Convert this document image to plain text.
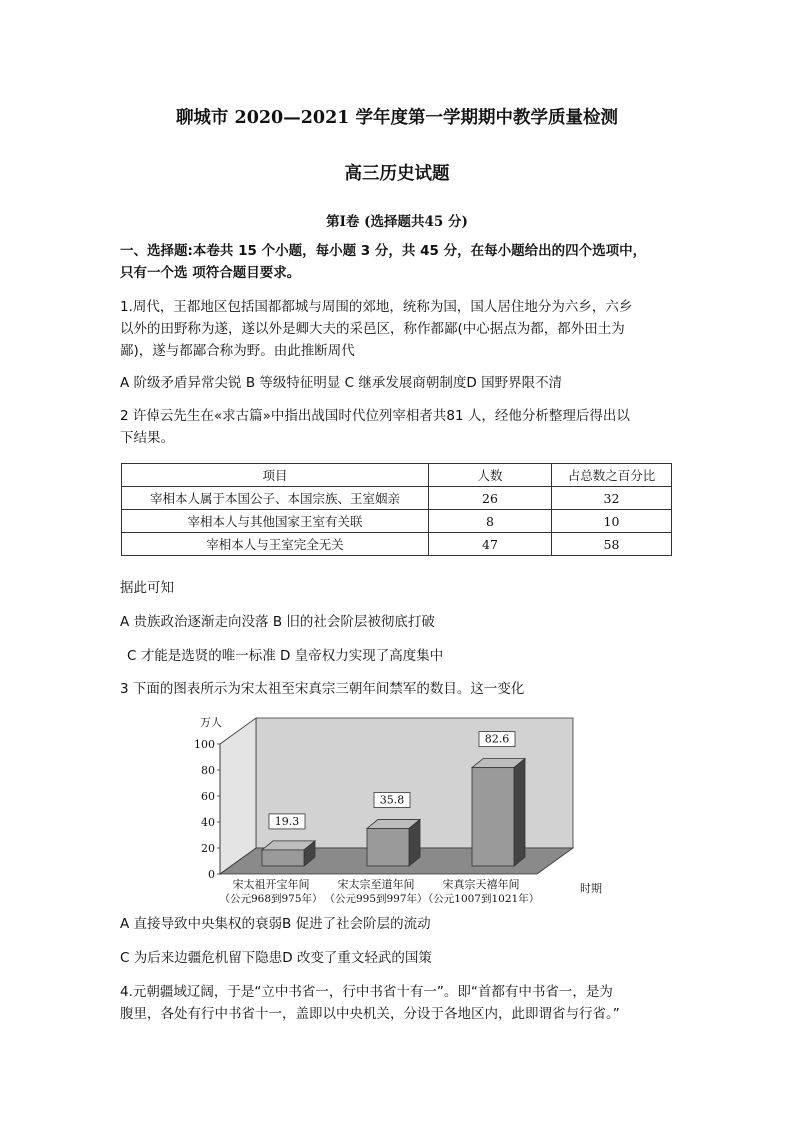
聊城市 2020—2021 学年度第一学期期中教学质量检测
高三历史试题
第Ⅰ卷 (选择题共45 分)
一、选择题:本卷共 15 个小题，每小题 3 分，共 45 分，在每小题给出的四个选项中，
只有一个选 项符合题目要求。
1.周代，王都地区包括国都都城与周围的郊地，统称为国，国人居住地分为六乡，六乡
以外的田野称为遂，遂以外是卿大夫的采邑区，称作都鄙(中心据点为都，都外田土为
鄙)，遂与都鄙合称为野。由此推断周代
A 阶级矛盾异常尖锐 B 等级特征明显 C 继承发展商朝制度D 国野界限不清
2 许倬云先生在«求古篇»中指出战国时代位列宰相者共81 人，经他分析整理后得出以
下结果。
项目	人数	占总数之百分比
宰相本人属于本国公子、本国宗族、王室姻亲	26	32
宰相本人与其他国家王室有关联	8	10
宰相本人与王室完全无关	47	58
据此可知
A 贵族政治逐渐走向没落 B 旧的社会阶层被彻底打破
C 才能是选贤的唯一标准 D 皇帝权力实现了高度集中
3 下面的图表所示为宋太祖至宋真宗三朝年间禁军的数目。这一变化
0
20
40
60
80
100
万人
19.3
宋太祖开宝年间
（公元968到975年）
35.8
宋太宗至道年间
（公元995到997年）
82.6
宋真宗天禧年间
（公元1007到1021年）
时期
A 直接导致中央集权的衰弱B 促进了社会阶层的流动
C 为后来边疆危机留下隐患D 改变了重文轻武的国策
4.元朝疆域辽阔，于是“立中书省一，行中书省十有一”。即“首都有中书省一，是为
腹里，各处有行中书省十一，盖即以中央机关，分设于各地区内，此即谓省与行省。”
